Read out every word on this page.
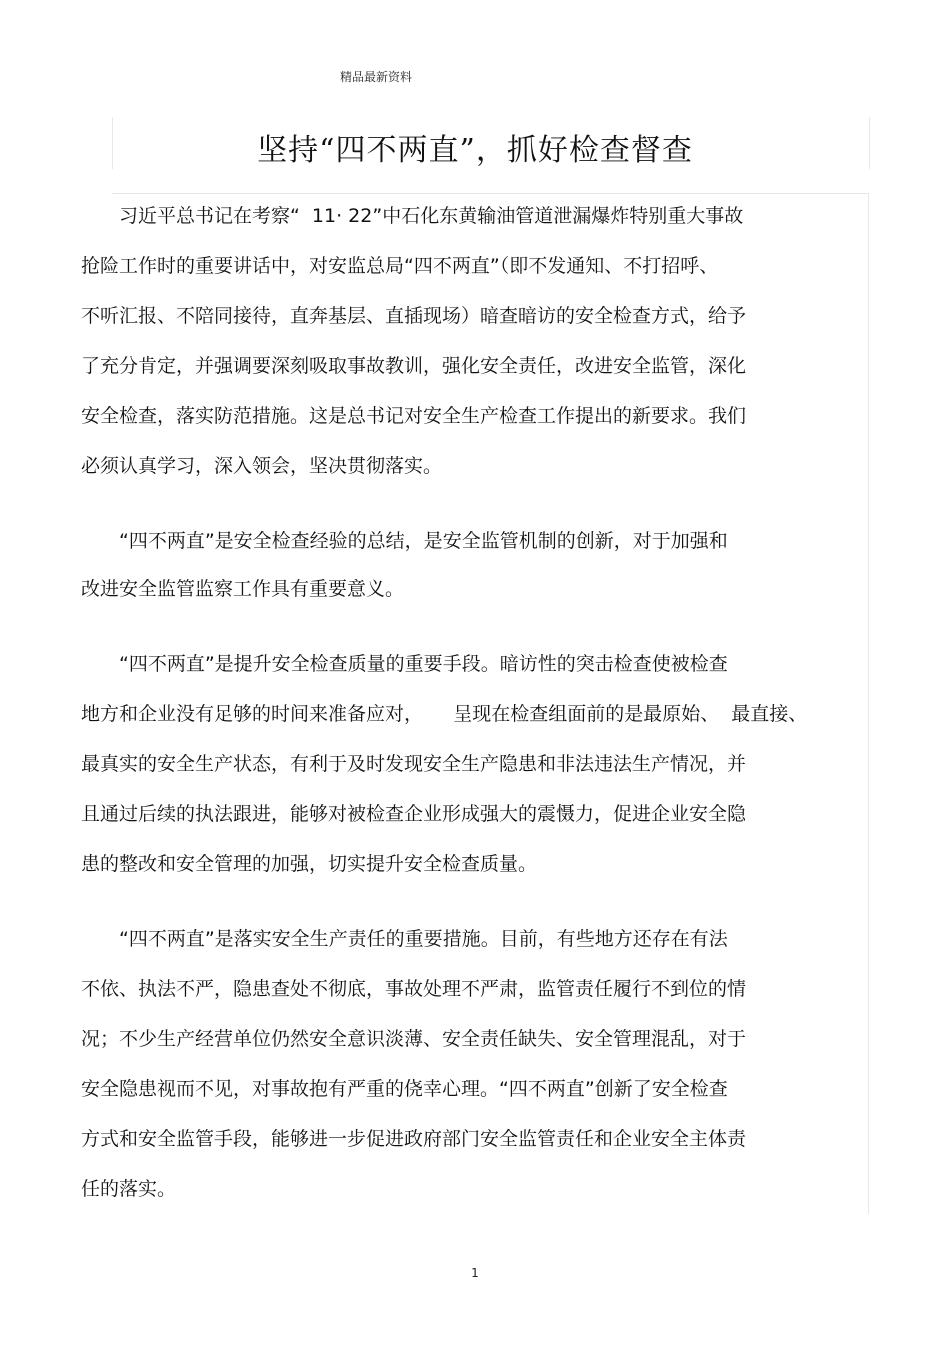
精品最新资料
坚持“四不两直”，抓好检查督查
习近平总书记在考察“  11· 22”中石化东黄输油管道泄漏爆炸特别重大事故
抢险工作时的重要讲话中，对安监总局“四不两直”（即不发通知、不打招呼、
不听汇报、不陪同接待，直奔基层、直插现场）暗查暗访的安全检查方式，给予
了充分肯定，并强调要深刻吸取事故教训，强化安全责任，改进安全监管，深化
安全检查，落实防范措施。这是总书记对安全生产检查工作提出的新要求。我们
必须认真学习，深入领会，坚决贯彻落实。
“四不两直”是安全检查经验的总结，是安全监管机制的创新，对于加强和
改进安全监管监察工作具有重要意义。
“四不两直”是提升安全检查质量的重要手段。暗访性的突击检查使被检查
地方和企业没有足够的时间来准备应对，     呈现在检查组面前的是最原始、  最直接、
最真实的安全生产状态，有利于及时发现安全生产隐患和非法违法生产情况，并
且通过后续的执法跟进，能够对被检查企业形成强大的震慑力，促进企业安全隐
患的整改和安全管理的加强，切实提升安全检查质量。
“四不两直”是落实安全生产责任的重要措施。目前，有些地方还存在有法
不依、执法不严，隐患查处不彻底，事故处理不严肃，监管责任履行不到位的情
况；不少生产经营单位仍然安全意识淡薄、安全责任缺失、安全管理混乱，对于
安全隐患视而不见，对事故抱有严重的侥幸心理。“四不两直”创新了安全检查
方式和安全监管手段，能够进一步促进政府部门安全监管责任和企业安全主体责
任的落实。
1
